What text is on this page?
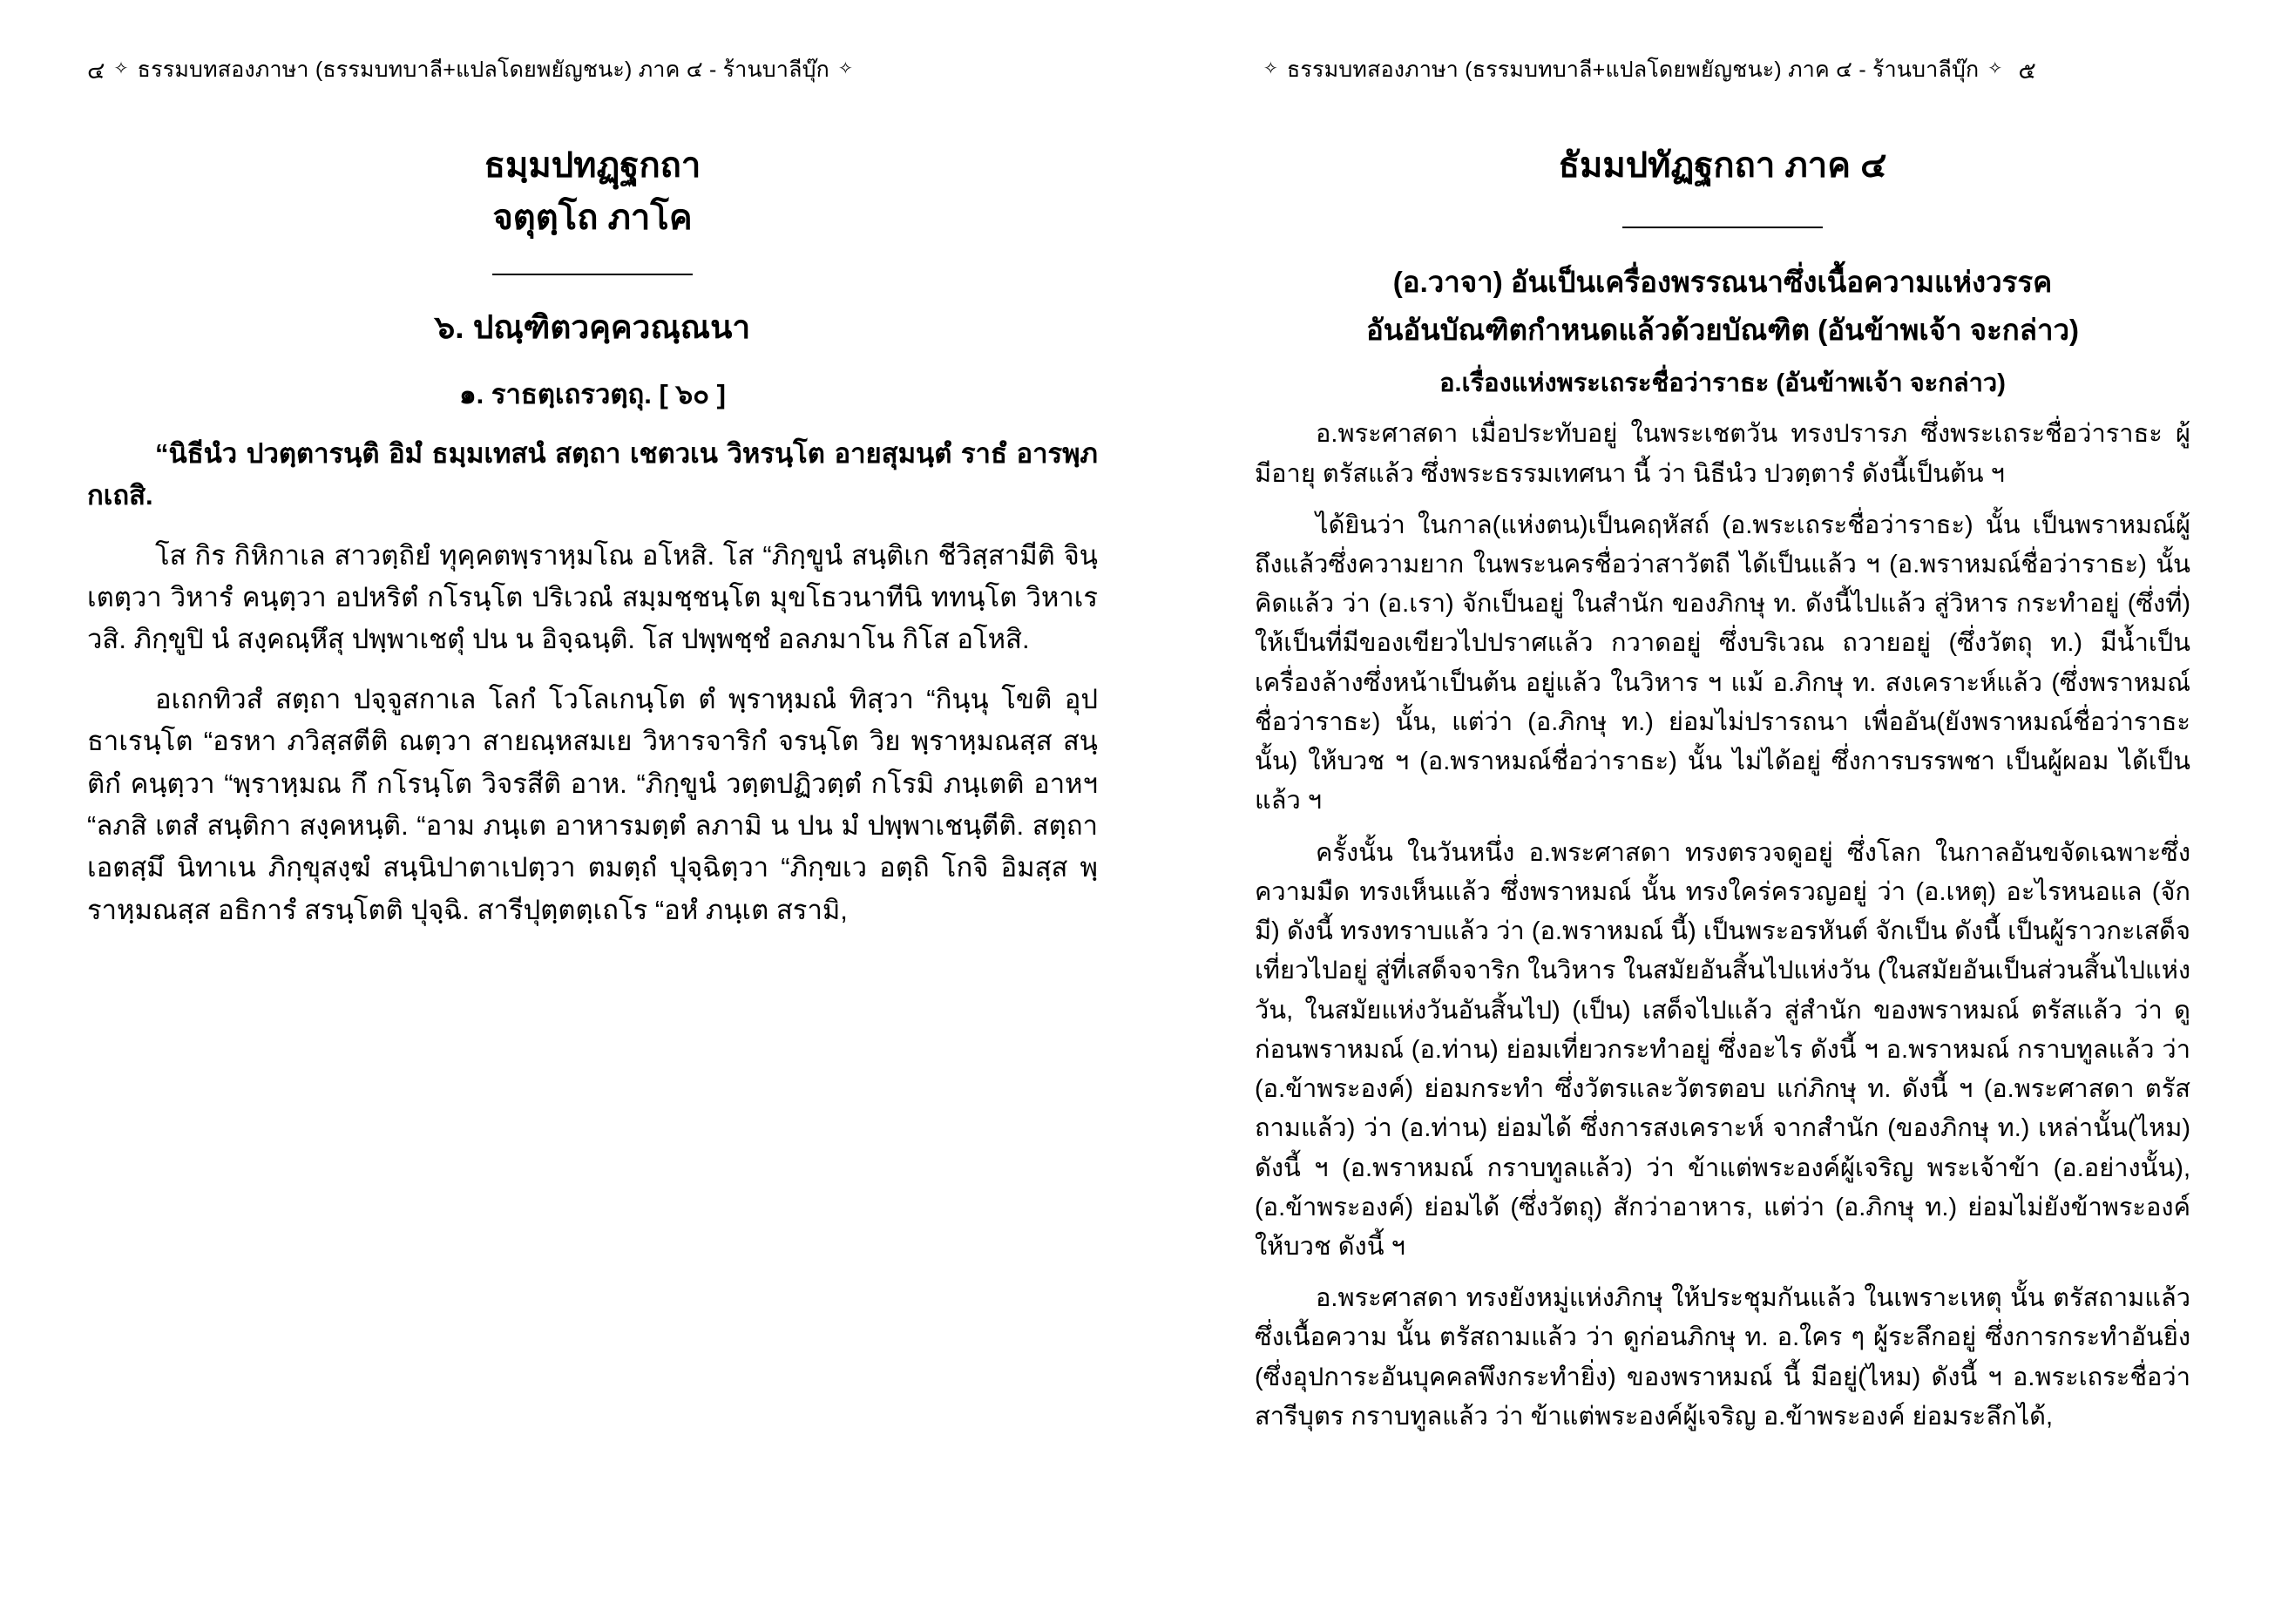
๔ ✧ ธรรมบทสองภาษา (ธรรมบทบาลี+แปลโดยพยัญชนะ) ภาค ๔ - ร้านบาลีบุ๊ก ✧
ธมฺมปทฏฺฐกถา
จตุตฺโถ ภาโค
๖. ปณฺฑิตวคฺควณฺณนา
๑. ราธตฺเถรวตฺถุ. [ ๖๐ ]
“นิธีนํว ปวตฺตารนฺติ อิมํ ธมฺมเทสนํ สตฺถา เชตวเน วิหรนฺโต อายสุมนฺตํ ราธํ อารพฺภ กเถสิ.
โส กิร กิหิกาเล สาวตฺถิยํ ทุคฺคตพฺราหฺมโณ อโหสิ. โส “ภิกฺขูนํ สนฺติเก ชีวิสฺสามีติ จินฺเตตฺวา วิหารํ คนฺตฺวา อปหริตํ กโรนฺโต ปริเวณํ สมฺมชฺชนฺโต มุขโธวนาทีนิ ททนฺโต วิหาเร วสิ. ภิกฺขูปิ นํ สงฺคณฺหึสุ ปพฺพาเชตุํ ปน น อิจฺฉนฺติ. โส ปพฺพชฺชํ อลภมาโน กิโส อโหสิ.
อเถกทิวสํ สตฺถา ปจฺจูสกาเล โลกํ โวโลเกนฺโต ตํ พฺราหฺมณํ ทิสฺวา “กินฺนุ โขติ อุปธาเรนฺโต “อรหา ภวิสฺสตีติ ณตฺวา สายณฺหสมเย วิหารจาริกํ จรนฺโต วิย พฺราหฺมณสฺส สนฺติกํ คนฺตฺวา “พฺราหฺมณ กึ กโรนฺโต วิจรสีติ อาห. “ภิกฺขูนํ วตฺตปฏิวตฺตํ กโรมิ ภนฺเตติ อาหฯ “ลภสิ เตสํ สนฺติกา สงฺคหนฺติ. “อาม ภนฺเต อาหารมตฺตํ ลภามิ น ปน มํ ปพฺพาเชนฺตีติ. สตฺถา เอตสฺมึ นิทาเน ภิกฺขุสงฺฆํ สนฺนิปาตาเปตฺวา ตมตฺถํ ปุจฺฉิตฺวา “ภิกฺขเว อตฺถิ โกจิ อิมสฺส พฺราหฺมณสฺส อธิการํ สรนฺโตติ ปุจฺฉิ. สารีปุตฺตตฺเถโร “อหํ ภนฺเต สรามิ,
✧ ธรรมบทสองภาษา (ธรรมบทบาลี+แปลโดยพยัญชนะ) ภาค ๔ - ร้านบาลีบุ๊ก ✧ ๕
ธัมมปทัฏฐกถา ภาค ๔
(อ.วาจา) อันเป็นเครื่องพรรณนาซึ่งเนื้อความแห่งวรรค
อันอันบัณฑิตกำหนดแล้วด้วยบัณฑิต (อันข้าพเจ้า จะกล่าว)
อ.เรื่องแห่งพระเถระชื่อว่าราธะ (อันข้าพเจ้า จะกล่าว)
อ.พระศาสดา เมื่อประทับอยู่ ในพระเชตวัน ทรงปรารภ ซึ่งพระเถระชื่อว่าราธะ ผู้มีอายุ ตรัสแล้ว ซึ่งพระธรรมเทศนา นี้ ว่า นิธีนํว ปวตฺตารํ ดังนี้เป็นต้น ฯ
ได้ยินว่า ในกาล(แห่งตน)เป็นคฤหัสถ์ (อ.พระเถระชื่อว่าราธะ) นั้น เป็นพราหมณ์ผู้ถึงแล้วซึ่งความยาก ในพระนครชื่อว่าสาวัตถี ได้เป็นแล้ว ฯ (อ.พราหมณ์ชื่อว่าราธะ) นั้น คิดแล้ว ว่า (อ.เรา) จักเป็นอยู่ ในสำนัก ของภิกษุ ท. ดังนี้ไปแล้ว สู่วิหาร กระทำอยู่ (ซึ่งที่) ให้เป็นที่มีของเขียวไปปราศแล้ว กวาดอยู่ ซึ่งบริเวณ ถวายอยู่ (ซึ่งวัตถุ ท.) มีน้ำเป็นเครื่องล้างซึ่งหน้าเป็นต้น อยู่แล้ว ในวิหาร ฯ แม้ อ.ภิกษุ ท. สงเคราะห์แล้ว (ซึ่งพราหมณ์ชื่อว่าราธะ) นั้น, แต่ว่า (อ.ภิกษุ ท.) ย่อมไม่ปรารถนา เพื่ออัน(ยังพราหมณ์ชื่อว่าราธะ นั้น) ให้บวช ฯ (อ.พราหมณ์ชื่อว่าราธะ) นั้น ไม่ได้อยู่ ซึ่งการบรรพชา เป็นผู้ผอม ได้เป็นแล้ว ฯ
ครั้งนั้น ในวันหนึ่ง อ.พระศาสดา ทรงตรวจดูอยู่ ซึ่งโลก ในกาลอันขจัดเฉพาะซึ่งความมืด ทรงเห็นแล้ว ซึ่งพราหมณ์ นั้น ทรงใคร่ครวญอยู่ ว่า (อ.เหตุ) อะไรหนอแล (จักมี) ดังนี้ ทรงทราบแล้ว ว่า (อ.พราหมณ์ นี้) เป็นพระอรหันต์ จักเป็น ดังนี้ เป็นผู้ราวกะเสด็จเที่ยวไปอยู่ สู่ที่เสด็จจาริก ในวิหาร ในสมัยอันสิ้นไปแห่งวัน (ในสมัยอันเป็นส่วนสิ้นไปแห่งวัน, ในสมัยแห่งวันอันสิ้นไป) (เป็น) เสด็จไปแล้ว สู่สำนัก ของพราหมณ์ ตรัสแล้ว ว่า ดูก่อนพราหมณ์ (อ.ท่าน) ย่อมเที่ยวกระทำอยู่ ซึ่งอะไร ดังนี้ ฯ อ.พราหมณ์ กราบทูลแล้ว ว่า (อ.ข้าพระองค์) ย่อมกระทำ ซึ่งวัตรและวัตรตอบ แก่ภิกษุ ท. ดังนี้ ฯ (อ.พระศาสดา ตรัสถามแล้ว) ว่า (อ.ท่าน) ย่อมได้ ซึ่งการสงเคราะห์ จากสำนัก (ของภิกษุ ท.) เหล่านั้น(ไหม) ดังนี้ ฯ (อ.พราหมณ์ กราบทูลแล้ว) ว่า ข้าแต่พระองค์ผู้เจริญ พระเจ้าข้า (อ.อย่างนั้น), (อ.ข้าพระองค์) ย่อมได้ (ซึ่งวัตถุ) สักว่าอาหาร, แต่ว่า (อ.ภิกษุ ท.) ย่อมไม่ยังข้าพระองค์ ให้บวช ดังนี้ ฯ
อ.พระศาสดา ทรงยังหมู่แห่งภิกษุ ให้ประชุมกันแล้ว ในเพราะเหตุ นั้น ตรัสถามแล้ว ซึ่งเนื้อความ นั้น ตรัสถามแล้ว ว่า ดูก่อนภิกษุ ท. อ.ใคร ๆ ผู้ระลึกอยู่ ซึ่งการกระทำอันยิ่ง (ซึ่งอุปการะอันบุคคลพึงกระทำยิ่ง) ของพราหมณ์ นี้ มีอยู่(ไหม) ดังนี้ ฯ อ.พระเถระชื่อว่าสารีบุตร กราบทูลแล้ว ว่า ข้าแต่พระองค์ผู้เจริญ อ.ข้าพระองค์ ย่อมระลึกได้,
